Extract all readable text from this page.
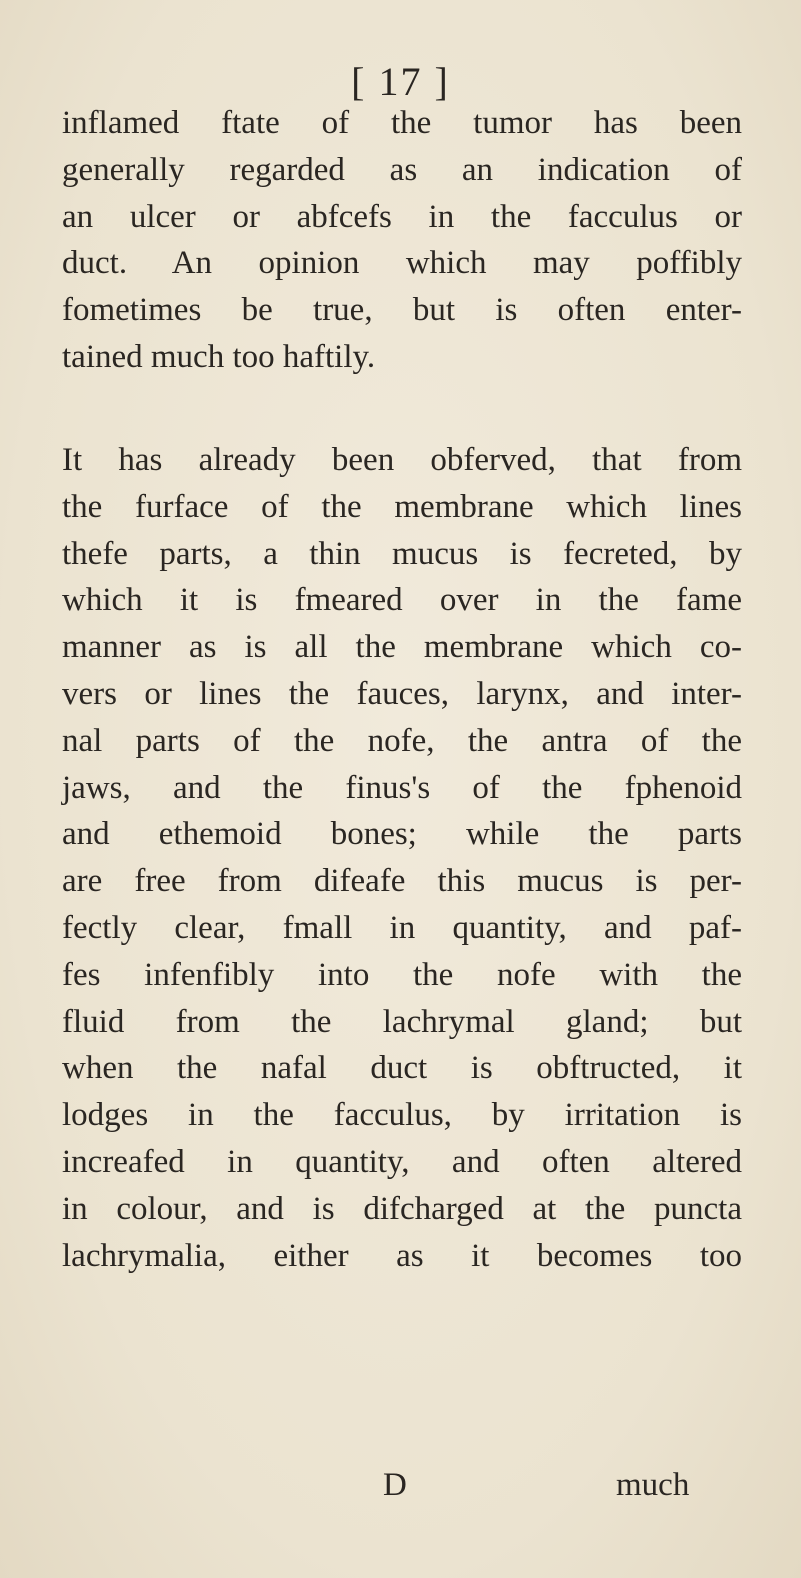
[ 17 ]
inflamed ftate of the tumor has been
generally regarded as an indication of
an ulcer or abfcefs in the facculus or
duct. An opinion which may poffibly
fometimes be true, but is often enter-
tained much too haftily.
It has already been obferved, that from
the furface of the membrane which lines
thefe parts, a thin mucus is fecreted, by
which it is fmeared over in the fame
manner as is all the membrane which co-
vers or lines the fauces, larynx, and inter-
nal parts of the nofe, the antra of the
jaws, and the finus's of the fphenoid
and ethemoid bones; while the parts
are free from difeafe this mucus is per-
fectly clear, fmall in quantity, and paf-
fes infenfibly into the nofe with the
fluid from the lachrymal gland; but
when the nafal duct is obftructed, it
lodges in the facculus, by irritation is
increafed in quantity, and often altered
in colour, and is difcharged at the puncta
lachrymalia, either as it becomes too
D	much
